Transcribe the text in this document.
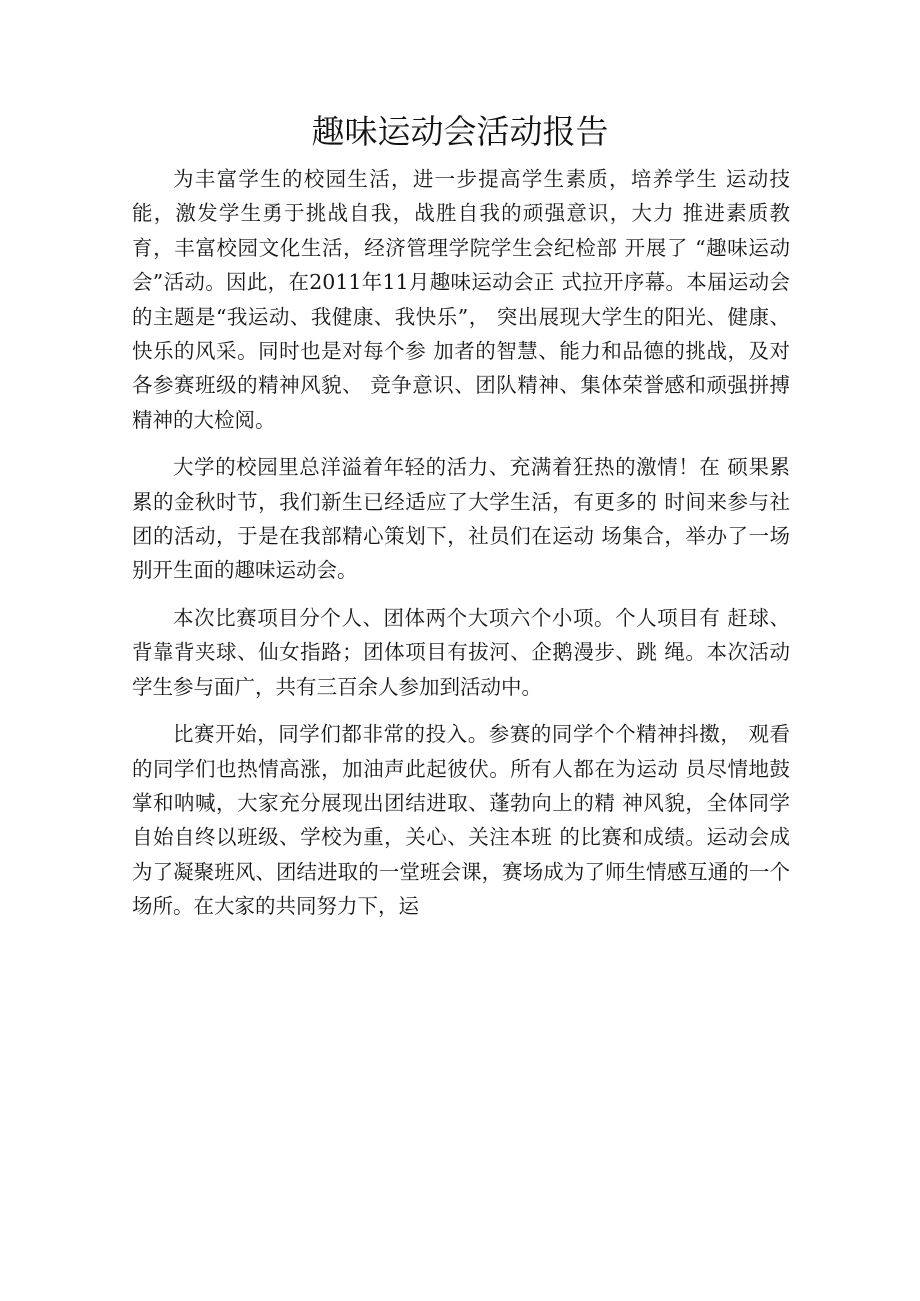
趣味运动会活动报告

为丰富学生的校园生活，进一步提高学生素质，培养学生 运动技能，激发学生勇于挑战自我，战胜自我的顽强意识，大力 推进素质教育，丰富校园文化生活，经济管理学院学生会纪检部 开展了 “趣味运动会”活动。因此，在2011年11月趣味运动会正 式拉开序幕。本届运动会的主题是“我运动、我健康、我快乐”， 突出展现大学生的阳光、健康、快乐的风采。同时也是对每个参 加者的智慧、能力和品德的挑战，及对各参赛班级的精神风貌、 竞争意识、团队精神、集体荣誉感和顽强拼搏精神的大检阅。

大学的校园里总洋溢着年轻的活力、充满着狂热的激情！在 硕果累累的金秋时节，我们新生已经适应了大学生活，有更多的 时间来参与社团的活动，于是在我部精心策划下，社员们在运动 场集合，举办了一场别开生面的趣味运动会。

本次比赛项目分个人、团体两个大项六个小项。个人项目有 赶球、背靠背夹球、仙女指路；团体项目有拔河、企鹅漫步、跳 绳。本次活动学生参与面广，共有三百余人参加到活动中。

比赛开始，同学们都非常的投入。参赛的同学个个精神抖擞， 观看的同学们也热情高涨，加油声此起彼伏。所有人都在为运动 员尽情地鼓掌和呐喊，大家充分展现出团结进取、蓬勃向上的精 神风貌，全体同学自始自终以班级、学校为重，关心、关注本班 的比赛和成绩。运动会成为了凝聚班风、团结进取的一堂班会课，赛场成为了师生情感互通的一个场所。在大家的共同努力下，运
